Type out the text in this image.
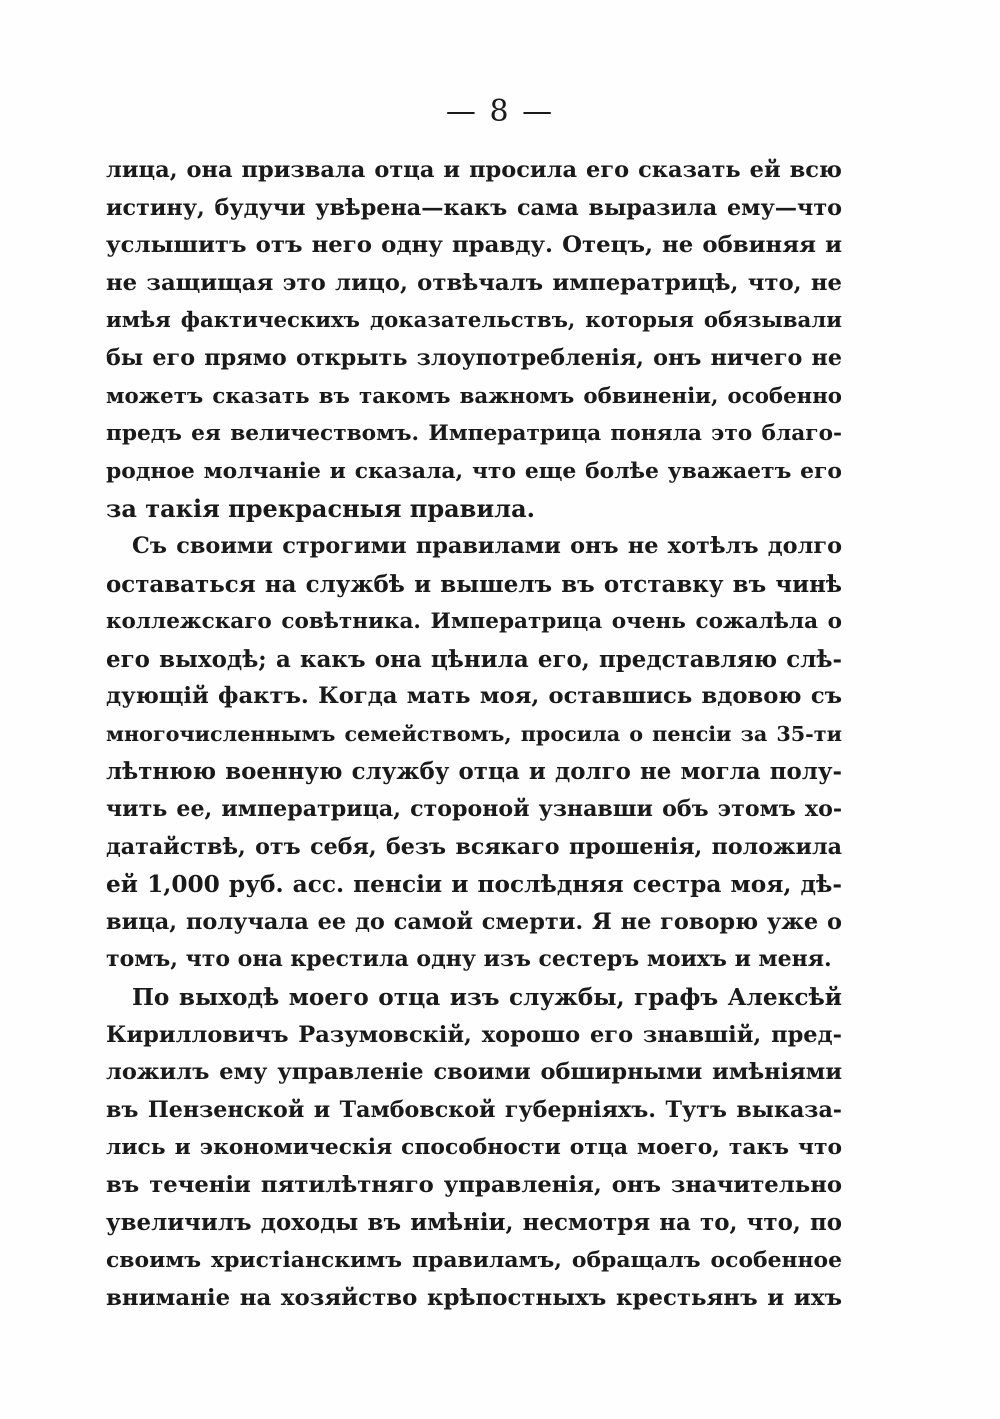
— 8 —
лица, она призвала отца и просила его сказать ей всю
истину, будучи увѣрена—какъ сама выразила ему—что
услышитъ отъ него одну правду. Отецъ, не обвиняя и
не защищая это лицо, отвѣчалъ императрицѣ, что, не
имѣя фактическихъ доказательствъ, которыя обязывали
бы его прямо открыть злоупотребленія, онъ ничего не
можетъ сказать въ такомъ важномъ обвиненіи, особенно
предъ ея величествомъ. Императрица поняла это благо-
родное молчаніе и сказала, что еще болѣе уважаетъ его
за такія прекрасныя правила.
Съ своими строгими правилами онъ не хотѣлъ долго
оставаться на службѣ и вышелъ въ отставку въ чинѣ
коллежскаго совѣтника. Императрица очень сожалѣла о
его выходѣ; а какъ она цѣнила его, представляю слѣ-
дующій фактъ. Когда мать моя, оставшись вдовою съ
многочисленнымъ семействомъ, просила о пенсіи за 35-ти
лѣтнюю военную службу отца и долго не могла полу-
чить ее, императрица, стороной узнавши объ этомъ хо-
датайствѣ, отъ себя, безъ всякаго прошенія, положила
ей 1,000 руб. асс. пенсіи и послѣдняя сестра моя, дѣ-
вица, получала ее до самой смерти. Я не говорю уже о
томъ, что она крестила одну изъ сестеръ моихъ и меня.
По выходѣ моего отца изъ службы, графъ Алексѣй
Кирилловичъ Разумовскій, хорошо его знавшій, пред-
ложилъ ему управленіе своими обширными имѣніями
въ Пензенской и Тамбовской губерніяхъ. Тутъ выказа-
лись и экономическія способности отца моего, такъ что
въ теченіи пятилѣтняго управленія, онъ значительно
увеличилъ доходы въ имѣніи, несмотря на то, что, по
своимъ христіанскимъ правиламъ, обращалъ особенное
вниманіе на хозяйство крѣпостныхъ крестьянъ и ихъ
